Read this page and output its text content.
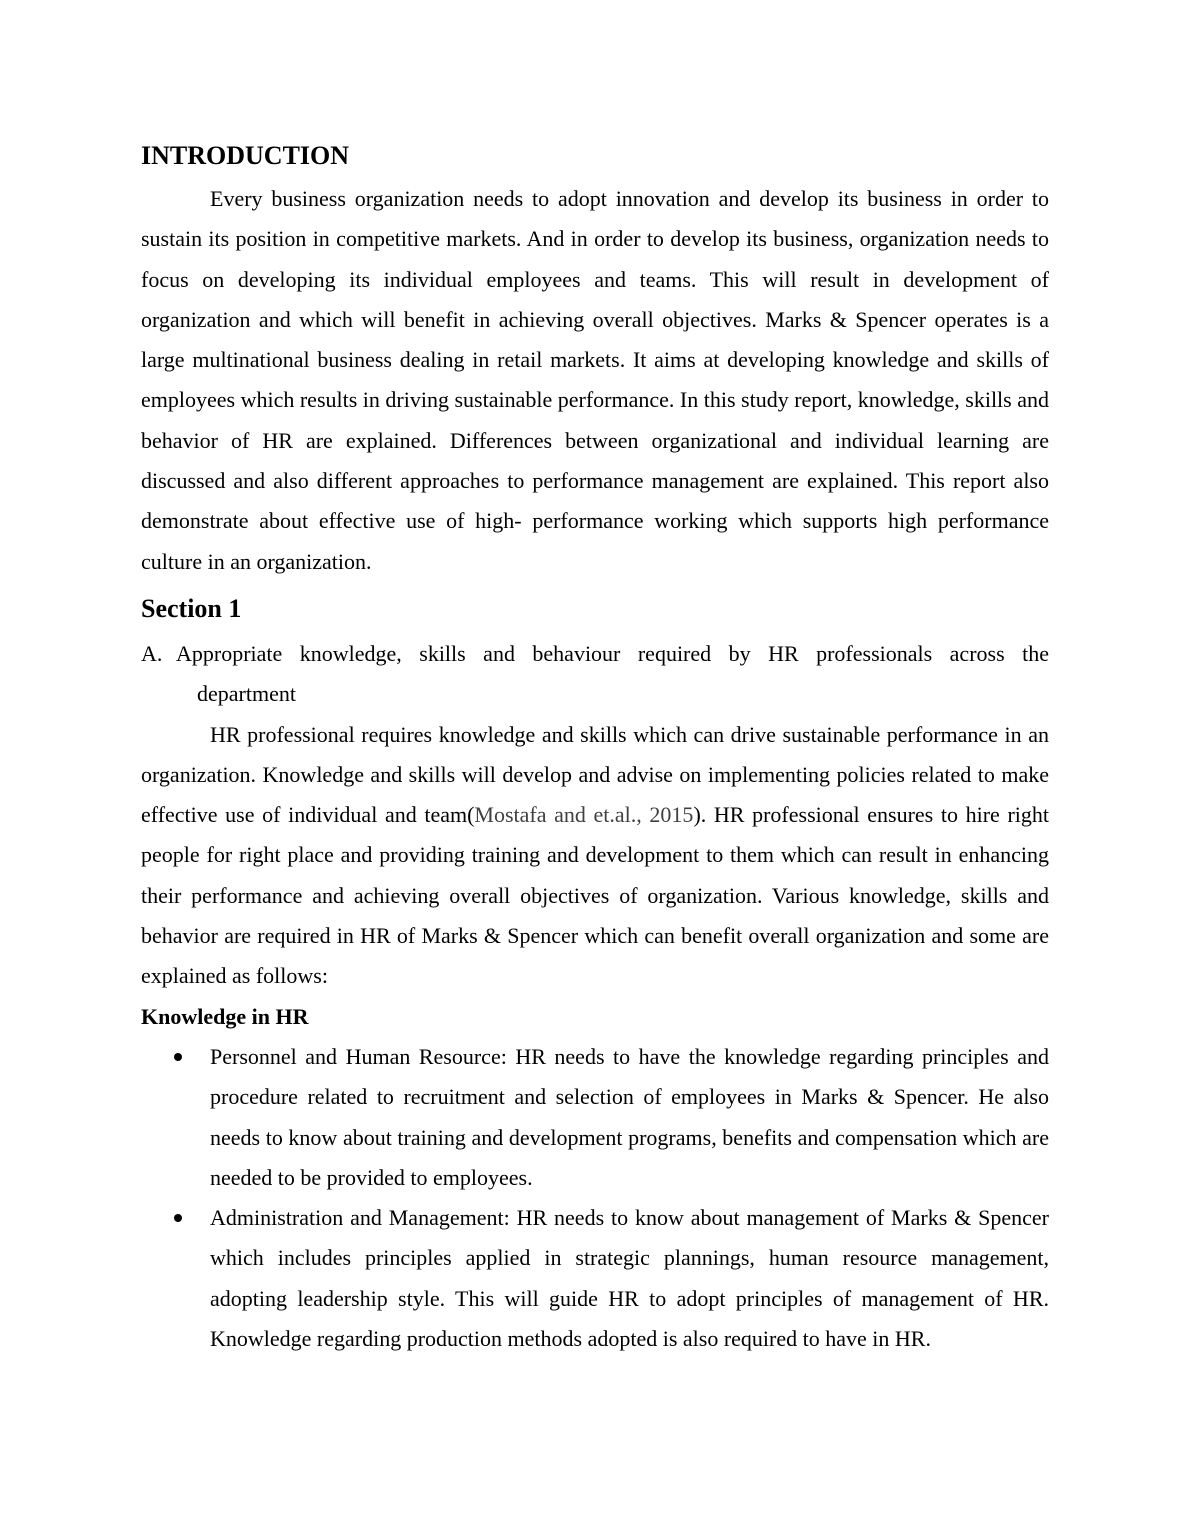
INTRODUCTION

Every business organization needs to adopt innovation and develop its business in order to sustain its position in competitive markets. And in order to develop its business, organization needs to focus on developing its individual employees and teams. This will result in development of organization and which will benefit in achieving overall objectives. Marks & Spencer operates is a large multinational business dealing in retail markets. It aims at developing knowledge and skills of employees which results in driving sustainable performance. In this study report, knowledge, skills and behavior of HR are explained. Differences between organizational and individual learning are discussed and also different approaches to performance management are explained. This report also demonstrate about effective use of high- performance working which supports high performance culture in an organization.

Section 1
A. Appropriate knowledge, skills and behaviour required by HR professionals across the
department

HR professional requires knowledge and skills which can drive sustainable performance in an organization. Knowledge and skills will develop and advise on implementing policies related to make effective use of individual and team(Mostafa and et.al., 2015). HR professional ensures to hire right people for right place and providing training and development to them which can result in enhancing their performance and achieving overall objectives of organization. Various knowledge, skills and behavior are required in HR of Marks & Spencer which can benefit overall organization and some are explained as follows:

Knowledge in HR
Personnel and Human Resource: HR needs to have the knowledge regarding principles and procedure related to recruitment and selection of employees in Marks & Spencer. He also needs to know about training and development programs, benefits and compensation which are needed to be provided to employees.
Administration and Management: HR needs to know about management of Marks & Spencer which includes principles applied in strategic plannings, human resource management, adopting leadership style. This will guide HR to adopt principles of management of HR. Knowledge regarding production methods adopted is also required to have in HR.
